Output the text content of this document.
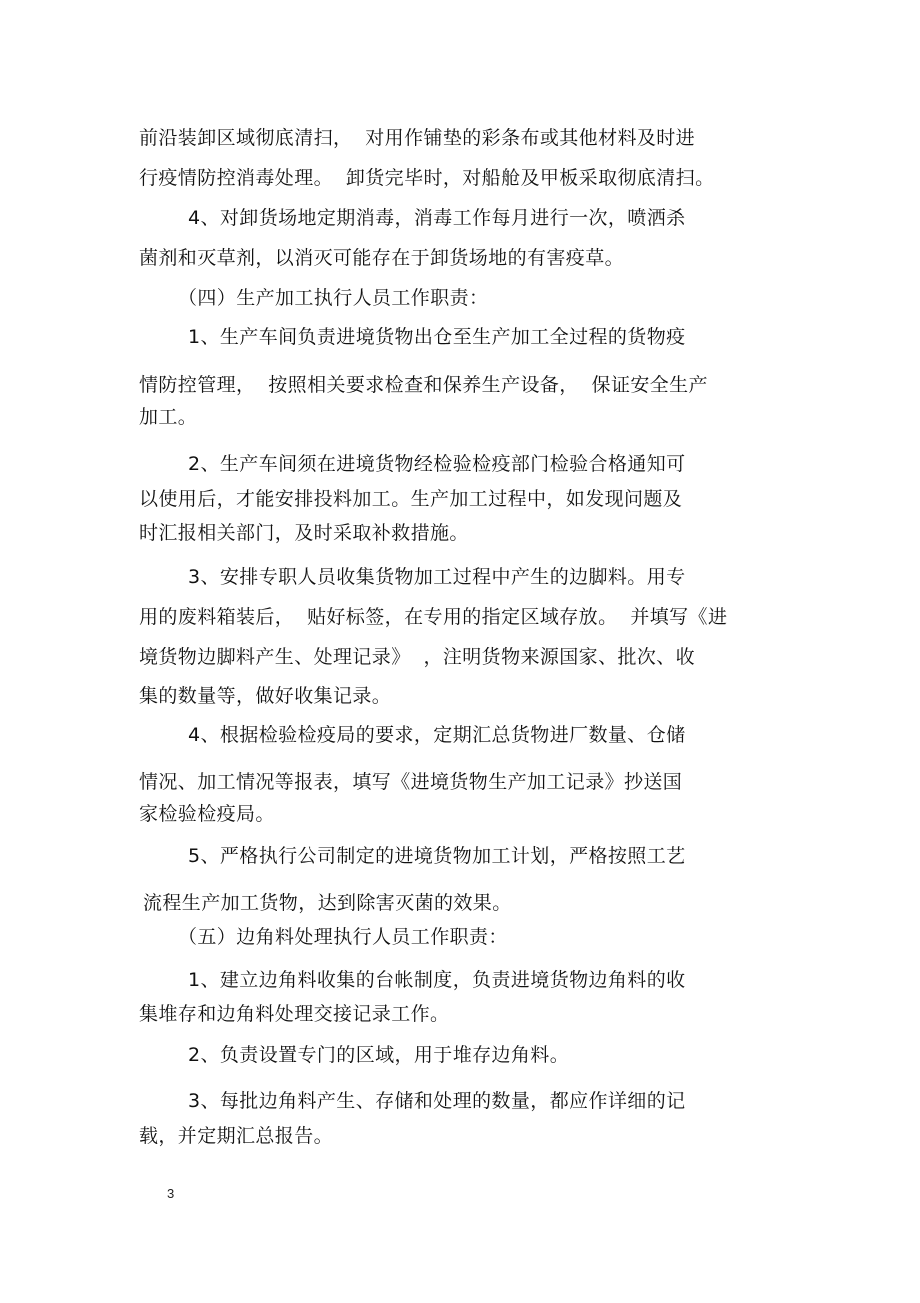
前沿装卸区域彻底清扫，  对用作铺垫的彩条布或其他材料及时进
行疫情防控消毒处理。  卸货完毕时，对船舱及甲板采取彻底清扫。
4、对卸货场地定期消毒，消毒工作每月进行一次，喷洒杀
菌剂和灭草剂，以消灭可能存在于卸货场地的有害疫草。
（四）生产加工执行人员工作职责：
1、生产车间负责进境货物出仓至生产加工全过程的货物疫
情防控管理，  按照相关要求检查和保养生产设备，  保证安全生产
加工。
2、生产车间须在进境货物经检验检疫部门检验合格通知可
以使用后，才能安排投料加工。生产加工过程中，如发现问题及
时汇报相关部门，及时采取补救措施。
3、安排专职人员收集货物加工过程中产生的边脚料。用专
用的废料箱装后，  贴好标签，在专用的指定区域存放。  并填写《进
境货物边脚料产生、处理记录》  ，注明货物来源国家、批次、收
集的数量等，做好收集记录。
4、根据检验检疫局的要求，定期汇总货物进厂数量、仓储
情况、加工情况等报表，填写《进境货物生产加工记录》抄送国
家检验检疫局。
5、严格执行公司制定的进境货物加工计划，严格按照工艺
流程生产加工货物，达到除害灭菌的效果。
（五）边角料处理执行人员工作职责：
1、建立边角料收集的台帐制度，负责进境货物边角料的收
集堆存和边角料处理交接记录工作。
2、负责设置专门的区域，用于堆存边角料。
3、每批边角料产生、存储和处理的数量，都应作详细的记
载，并定期汇总报告。
3
